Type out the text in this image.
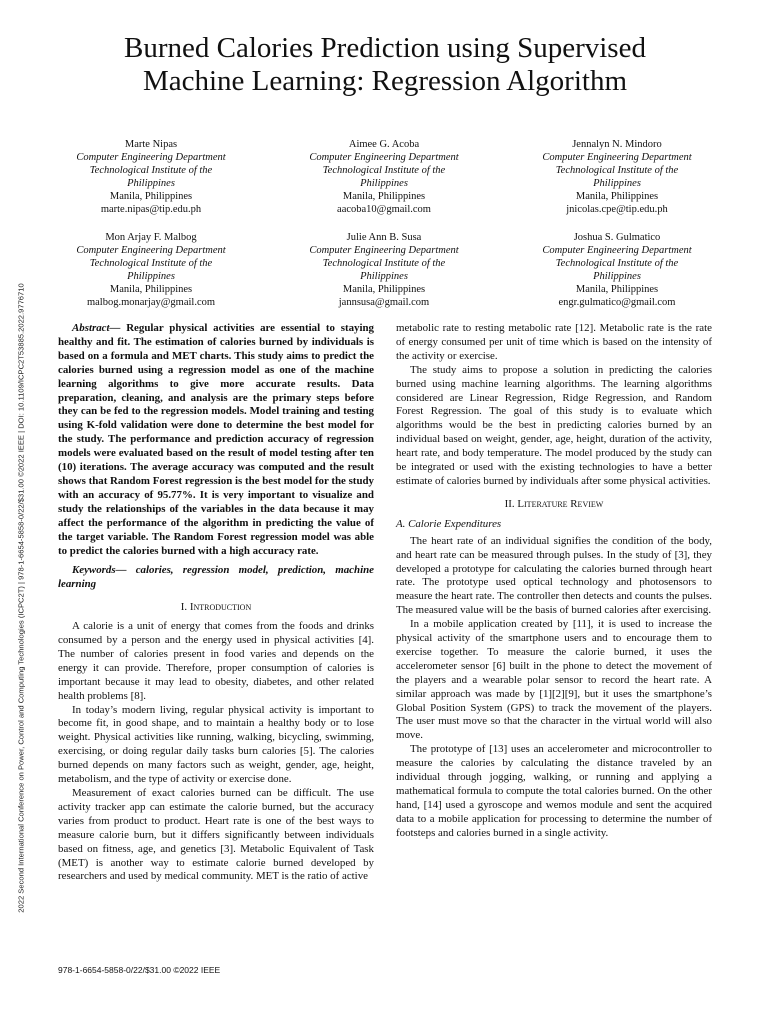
2022 Second International Conference on Power, Control and Computing Technologies (ICPC2T) | 978-1-6654-5858-0/22/$31.00 ©2022 IEEE | DOI: 10.1109/ICPC2T53885.2022.9776710
Burned Calories Prediction using Supervised
Machine Learning: Regression Algorithm
Marte Nipas
Computer Engineering Department
Technological Institute of the
Philippines
Manila, Philippines
marte.nipas@tip.edu.ph
Aimee G. Acoba
Computer Engineering Department
Technological Institute of the
Philippines
Manila, Philippines
aacoba10@gmail.com
Jennalyn N. Mindoro
Computer Engineering Department
Technological Institute of the
Philippines
Manila, Philippines
jnicolas.cpe@tip.edu.ph
Mon Arjay F. Malbog
Computer Engineering Department
Technological Institute of the
Philippines
Manila, Philippines
malbog.monarjay@gmail.com
Julie Ann B. Susa
Computer Engineering Department
Technological Institute of the
Philippines
Manila, Philippines
jannsusa@gmail.com
Joshua S. Gulmatico
Computer Engineering Department
Technological Institute of the
Philippines
Manila, Philippines
engr.gulmatico@gmail.com

Abstract— Regular physical activities are essential to staying healthy and fit. The estimation of calories burned by individuals is based on a formula and MET charts. This study aims to predict the calories burned using a regression model as one of the machine learning algorithms to give more accurate results. Data preparation, cleaning, and analysis are the primary steps before they can be fed to the regression models. Model training and testing using K-fold validation were done to determine the best model for the study. The performance and prediction accuracy of regression models were evaluated based on the result of model testing after ten (10) iterations. The average accuracy was computed and the result shows that Random Forest regression is the best model for the study with an accuracy of 95.77%. It is very important to visualize and study the relationships of the variables in the data because it may affect the performance of the algorithm in predicting the value of the target variable. The Random Forest regression model was able to predict the calories burned with a high accuracy rate.

Keywords— calories, regression model, prediction, machine learning

I. Introduction

A calorie is a unit of energy that comes from the foods and drinks consumed by a person and the energy used in physical activities [4]. The number of calories present in food varies and depends on the energy it can provide. Therefore, proper consumption of calories is important because it may lead to obesity, diabetes, and other related health problems [8].

In today’s modern living, regular physical activity is important to become fit, in good shape, and to maintain a healthy body or to lose weight. Physical activities like running, walking, bicycling, swimming, exercising, or doing regular daily tasks burn calories [5]. The calories burned depends on many factors such as weight, gender, age, height, metabolism, and the type of activity or exercise done.

Measurement of exact calories burned can be difficult. The use activity tracker app can estimate the calorie burned, but the accuracy varies from product to product. Heart rate is one of the best ways to measure calorie burn, but it differs significantly between individuals based on fitness, age, and genetics [3]. Metabolic Equivalent of Task (MET) is another way to estimate calorie burned developed by researchers and used by medical community. MET is the ratio of active

metabolic rate to resting metabolic rate [12]. Metabolic rate is the rate of energy consumed per unit of time which is based on the intensity of the activity or exercise.

The study aims to propose a solution in predicting the calories burned using machine learning algorithms. The learning algorithms considered are Linear Regression, Ridge Regression, and Random Forest Regression. The goal of this study is to evaluate which algorithms would be the best in predicting calories burned by an individual based on weight, gender, age, height, duration of the activity, heart rate, and body temperature. The model produced by the study can be integrated or used with the existing technologies to have a better estimate of calories burned by individuals after some physical activities.

II. Literature Review

A. Calorie Expenditures

The heart rate of an individual signifies the condition of the body, and heart rate can be measured through pulses. In the study of [3], they developed a prototype for calculating the calories burned through heart rate. The prototype used optical technology and photosensors to measure the heart rate. The controller then detects and counts the pulses. The measured value will be the basis of burned calories after exercising.

In a mobile application created by [11], it is used to increase the physical activity of the smartphone users and to encourage them to exercise together. To measure the calorie burned, it uses the accelerometer sensor [6] built in the phone to detect the movement of the players and a wearable polar sensor to record the heart rate. A similar approach was made by [1][2][9], but it uses the smartphone’s Global Position System (GPS) to track the movement of the players. The user must move so that the character in the virtual world will also move.

The prototype of [13] uses an accelerometer and microcontroller to measure the calories by calculating the distance traveled by an individual through jogging, walking, or running and applying a mathematical formula to compute the total calories burned. On the other hand, [14] used a gyroscope and wemos module and sent the acquired data to a mobile application for processing to determine the number of footsteps and calories burned in a single activity.

978-1-6654-5858-0/22/$31.00 ©2022 IEEE
